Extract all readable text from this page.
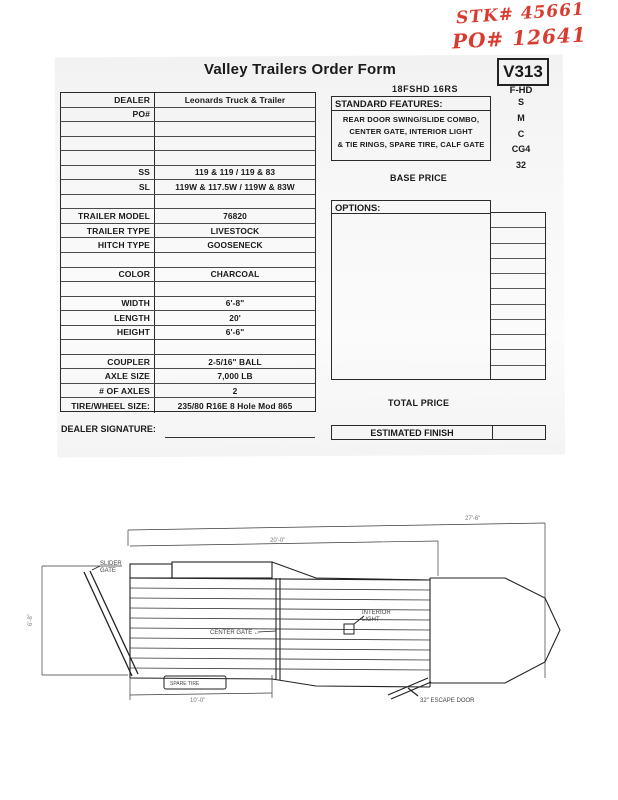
STK# 45661
PO# 12641
Valley Trailers Order Form	V313
F-HD
18FSHD 16RS
DEALER	Leonards Truck & Trailer
PO#
SS	119 & 119 / 119 & 83
SL	119W & 117.5W / 119W & 83W
TRAILER MODEL	76820
TRAILER TYPE	LIVESTOCK
HITCH TYPE	GOOSENECK
COLOR	CHARCOAL
WIDTH	6'-8"
LENGTH	20'
HEIGHT	6'-6"
COUPLER	2-5/16" BALL
AXLE SIZE	7,000 LB
# OF AXLES	2
TIRE/WHEEL SIZE:	235/80 R16E 8 Hole Mod 865
DEALER SIGNATURE:
STANDARD FEATURES:
REAR DOOR SWING/SLIDE COMBO,
CENTER GATE, INTERIOR LIGHT
& TIE RINGS, SPARE TIRE, CALF GATE
S
M
C
CG4
32
BASE PRICE
OPTIONS:
TOTAL PRICE
ESTIMATED FINISH
SLIDER
GATE
CENTER GATE ←
SPARE TIRE
INTERIOR
LIGHT
32" ESCAPE DOOR
20'-0"
27'-6"
10'-0"
6'-8"
